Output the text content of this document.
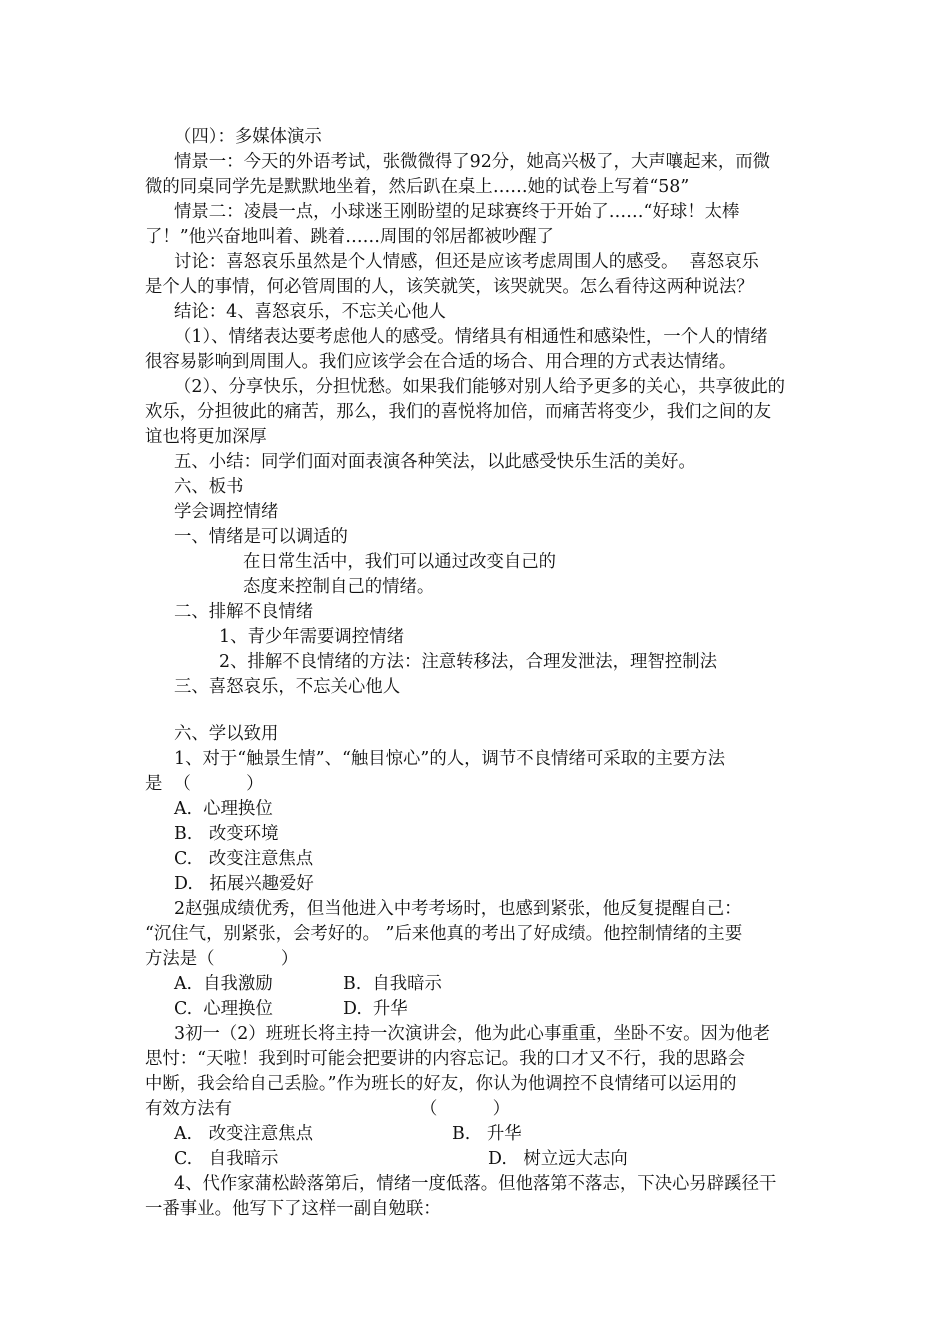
（四）：多媒体演示
情景一：今天的外语考试，张微微得了92分，她高兴极了，大声嚷起来，而微
微的同桌同学先是默默地坐着，然后趴在桌上……她的试卷上写着“58”
情景二：凌晨一点，小球迷王刚盼望的足球赛终于开始了……“好球！太棒
了！”他兴奋地叫着、跳着……周围的邻居都被吵醒了
讨论：喜怒哀乐虽然是个人情感，但还是应该考虑周围人的感受。  喜怒哀乐
是个人的事情，何必管周围的人，该笑就笑，该哭就哭。怎么看待这两种说法？
结论：4、喜怒哀乐，不忘关心他人
（1）、情绪表达要考虑他人的感受。情绪具有相通性和感染性，一个人的情绪
很容易影响到周围人。我们应该学会在合适的场合、用合理的方式表达情绪。
（2）、分享快乐，分担忧愁。如果我们能够对别人给予更多的关心，共享彼此的
欢乐，分担彼此的痛苦，那么，我们的喜悦将加倍，而痛苦将变少，我们之间的友
谊也将更加深厚
五、小结：同学们面对面表演各种笑法，以此感受快乐生活的美好。
六、板书
学会调控情绪
一、情绪是可以调适的
在日常生活中，我们可以通过改变自己的
态度来控制自己的情绪。
二、排解不良情绪
1、青少年需要调控情绪
2、排解不良情绪的方法：注意转移法，合理发泄法，理智控制法
三、喜怒哀乐，不忘关心他人
六、学以致用
1、对于“触景生情”、“触目惊心”的人，调节不良情绪可采取的主要方法
是  （          ）
A.  心理换位
B.   改变环境
C.   改变注意焦点
D.   拓展兴趣爱好
2赵强成绩优秀，但当他进入中考考场时，也感到紧张，他反复提醒自己：
“沉住气，别紧张，会考好的。 ”后来他真的考出了好成绩。他控制情绪的主要
方法是（            ）
A.  自我激励	B.  自我暗示
C.  心理换位	D.  升华
3初一（2）班班长将主持一次演讲会，他为此心事重重，坐卧不安。因为他老
思忖：“天啦！我到时可能会把要讲的内容忘记。我的口才又不行，我的思路会
中断，我会给自己丢脸。”作为班长的好友，你认为他调控不良情绪可以运用的
有效方法有	（          ）
A.   改变注意焦点	B.   升华
C.   自我暗示	D.   树立远大志向
4、代作家蒲松龄落第后，情绪一度低落。但他落第不落志，下决心另辟蹊径干
一番事业。他写下了这样一副自勉联：
